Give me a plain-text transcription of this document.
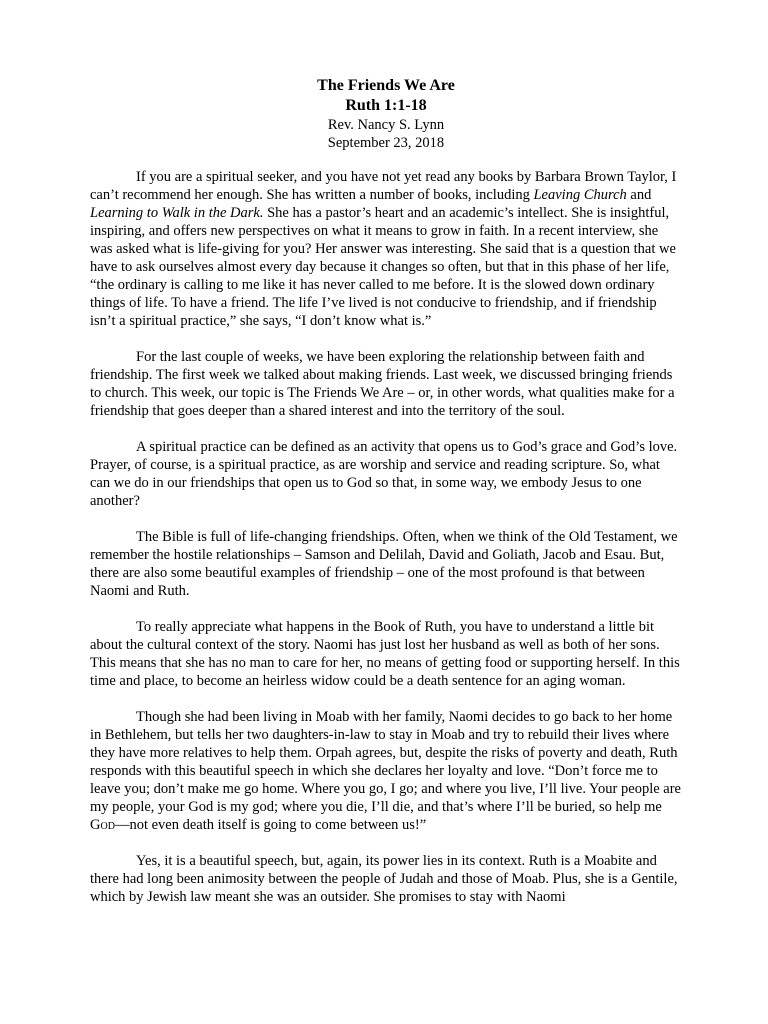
The Friends We Are

Ruth 1:1-18

Rev. Nancy S. Lynn

September 23, 2018

If you are a spiritual seeker, and you have not yet read any books by Barbara Brown Taylor, I can’t recommend her enough. She has written a number of books, including Leaving Church and Learning to Walk in the Dark. She has a pastor’s heart and an academic’s intellect. She is insightful, inspiring, and offers new perspectives on what it means to grow in faith. In a recent interview, she was asked what is life-giving for you? Her answer was interesting. She said that is a question that we have to ask ourselves almost every day because it changes so often, but that in this phase of her life, “the ordinary is calling to me like it has never called to me before. It is the slowed down ordinary things of life. To have a friend. The life I’ve lived is not conducive to friendship, and if friendship isn’t a spiritual practice,” she says, “I don’t know what is.”

For the last couple of weeks, we have been exploring the relationship between faith and friendship. The first week we talked about making friends. Last week, we discussed bringing friends to church. This week, our topic is The Friends We Are – or, in other words, what qualities make for a friendship that goes deeper than a shared interest and into the territory of the soul.

A spiritual practice can be defined as an activity that opens us to God’s grace and God’s love. Prayer, of course, is a spiritual practice, as are worship and service and reading scripture. So, what can we do in our friendships that open us to God so that, in some way, we embody Jesus to one another?

The Bible is full of life-changing friendships. Often, when we think of the Old Testament, we remember the hostile relationships – Samson and Delilah, David and Goliath, Jacob and Esau. But, there are also some beautiful examples of friendship – one of the most profound is that between Naomi and Ruth.

To really appreciate what happens in the Book of Ruth, you have to understand a little bit about the cultural context of the story. Naomi has just lost her husband as well as both of her sons. This means that she has no man to care for her, no means of getting food or supporting herself. In this time and place, to become an heirless widow could be a death sentence for an aging woman.

Though she had been living in Moab with her family, Naomi decides to go back to her home in Bethlehem, but tells her two daughters-in-law to stay in Moab and try to rebuild their lives where they have more relatives to help them. Orpah agrees, but, despite the risks of poverty and death, Ruth responds with this beautiful speech in which she declares her loyalty and love. “Don’t force me to leave you; don’t make me go home. Where you go, I go; and where you live, I’ll live. Your people are my people, your God is my god; where you die, I’ll die, and that’s where I’ll be buried, so help me God—not even death itself is going to come between us!”

Yes, it is a beautiful speech, but, again, its power lies in its context. Ruth is a Moabite and there had long been animosity between the people of Judah and those of Moab. Plus, she is a Gentile, which by Jewish law meant she was an outsider. She promises to stay with Naomi
